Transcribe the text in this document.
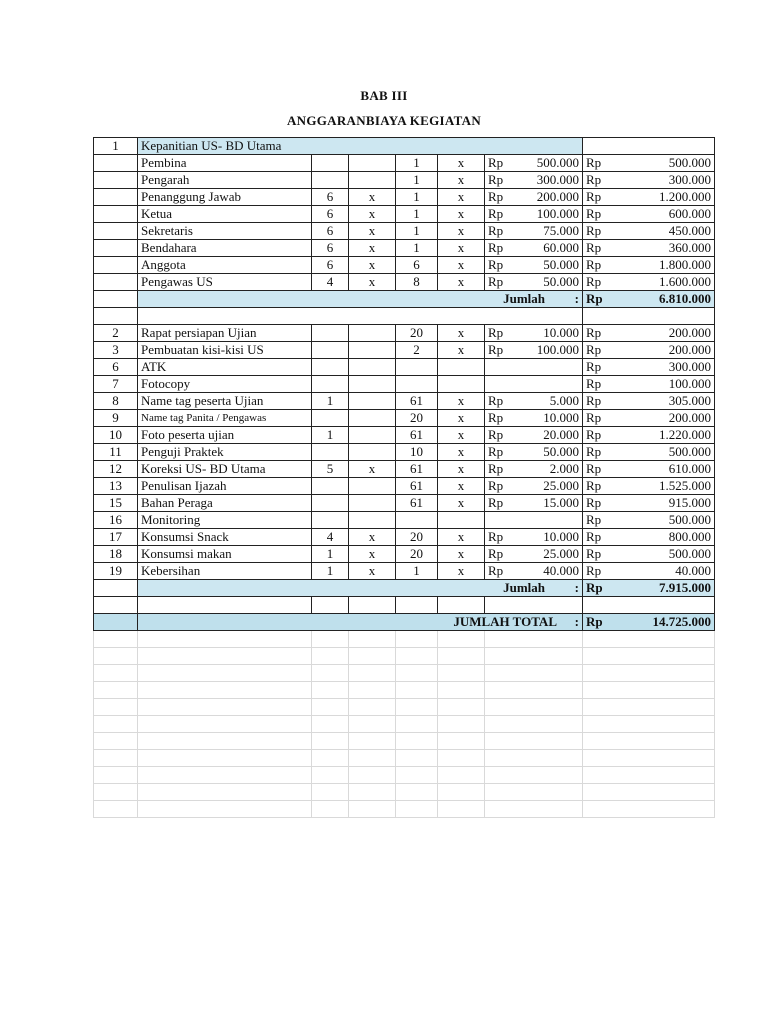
BAB III
ANGGARANBIAYA KEGIATAN
1	Kepanitian US- BD Utama						
	Pembina			1	x	Rp 500.000	Rp 500.000

	Pengarah			1	x	Rp 300.000	Rp 300.000

	Penanggung Jawab	6	x	1	x	Rp 200.000	Rp 1.200.000

	Ketua	6	x	1	x	Rp 100.000	Rp 600.000

	Sekretaris	6	x	1	x	Rp 75.000	Rp 450.000

	Bendahara	6	x	1	x	Rp 60.000	Rp 360.000

	Anggota	6	x	6	x	Rp 50.000	Rp 1.800.000

	Pengawas US	4	x	8	x	Rp 50.000	Rp 1.600.000

	Jumlah :						Rp 6.810.000

2	Rapat persiapan Ujian			20	x	Rp 10.000	Rp 200.000

3	Pembuatan kisi-kisi US			2	x	Rp 100.000	Rp 200.000

6	ATK						Rp 300.000

7	Fotocopy						Rp 100.000

8	Name tag peserta Ujian	1		61	x	Rp 5.000	Rp 305.000

9	Name tag Panita / Pengawas			20	x	Rp 10.000	Rp 200.000

10	Foto peserta ujian	1		61	x	Rp 20.000	Rp 1.220.000

11	Penguji Praktek			10	x	Rp 50.000	Rp 500.000

12	Koreksi US- BD Utama	5	x	61	x	Rp 2.000	Rp 610.000

13	Penulisan Ijazah			61	x	Rp 25.000	Rp 1.525.000

15	Bahan Peraga			61	x	Rp 15.000	Rp 915.000

16	Monitoring						Rp 500.000

17	Konsumsi Snack	4	x	20	x	Rp 10.000	Rp 800.000

18	Konsumsi makan	1	x	20	x	Rp 25.000	Rp 500.000

19	Kebersihan	1	x	1	x	Rp 40.000	Rp 40.000

	Jumlah :						Rp 7.915.000

	JUMLAH TOTAL :						Rp 14.725.000
